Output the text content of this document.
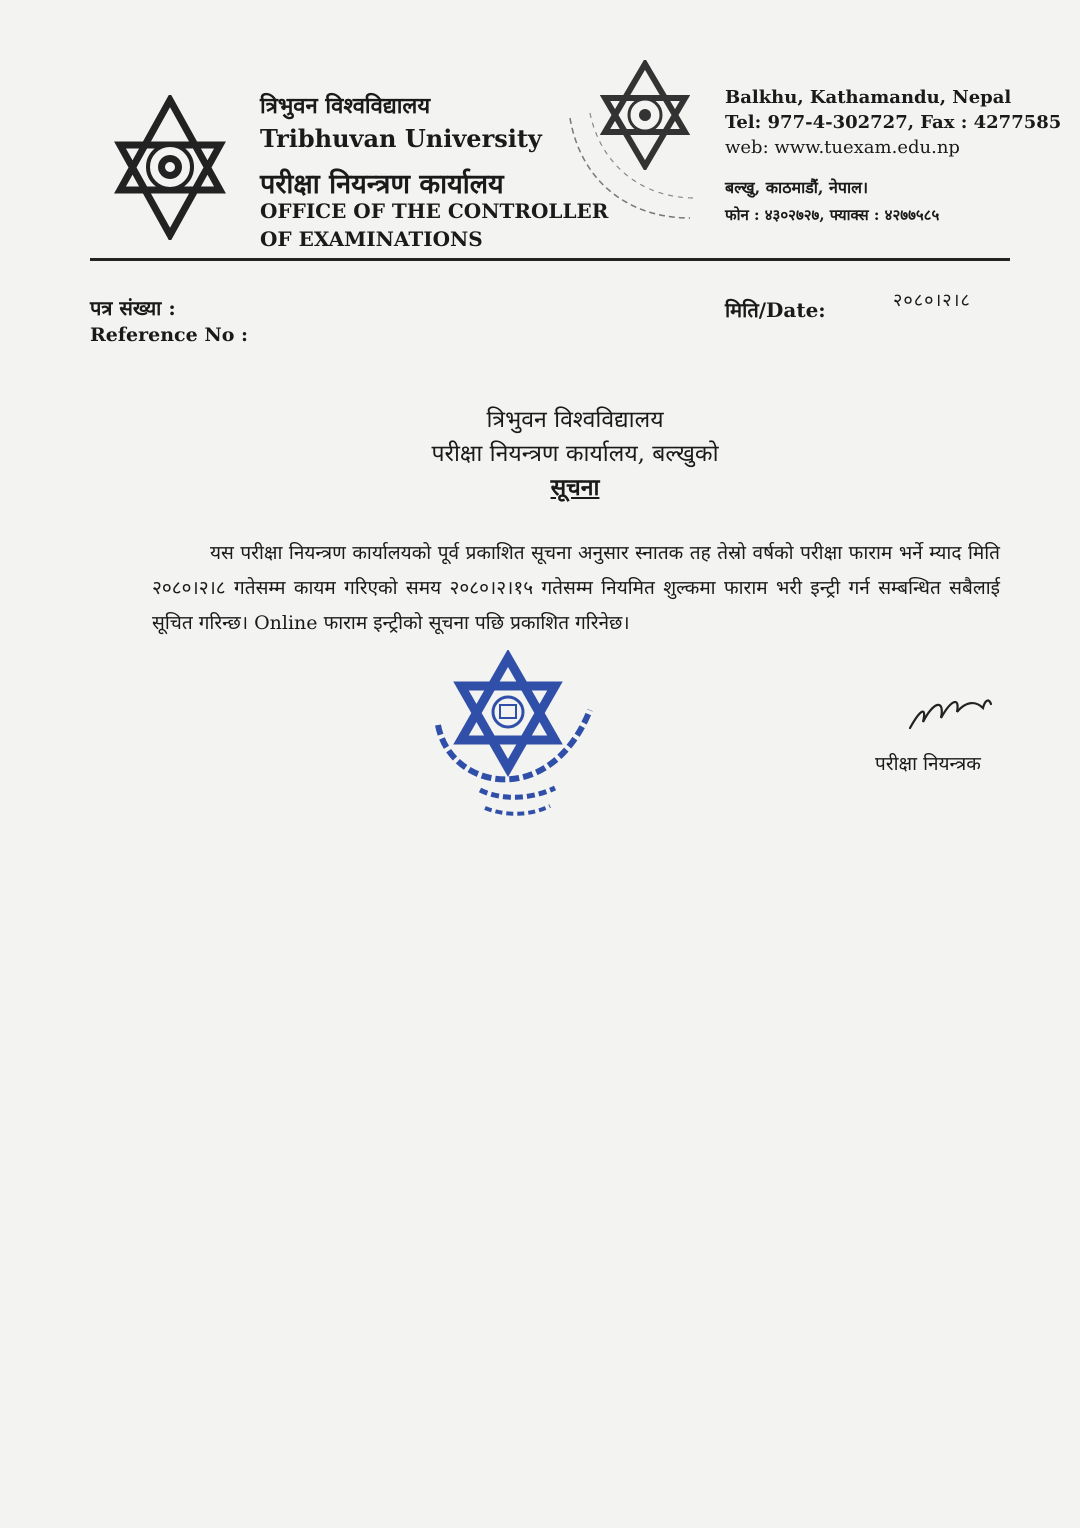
त्रिभुवन विश्वविद्यालय
Tribhuvan University
परीक्षा नियन्त्रण कार्यालय
OFFICE OF THE CONTROLLER
OF EXAMINATIONS
Balkhu, Kathamandu, Nepal
Tel: 977-4-302727, Fax : 4277585
web: www.tuexam.edu.np
बल्खु, काठमाडौं, नेपाल।
फोन : ४३०२७२७, फ्याक्स : ४२७७५८५
पत्र संख्या :
Reference No :
मिति/Date:	२०८०।२।८
त्रिभुवन विश्वविद्यालय
परीक्षा नियन्त्रण कार्यालय, बल्खुको
सूचना
यस परीक्षा नियन्त्रण कार्यालयको पूर्व प्रकाशित सूचना अनुसार स्नातक तह तेस्रो वर्षको परीक्षा फाराम भर्ने म्याद मिति २०८०।२।८ गतेसम्म कायम गरिएको समय २०८०।२।१५ गतेसम्म नियमित शुल्कमा फाराम भरी इन्ट्री गर्न सम्बन्धित सबैलाई सूचित गरिन्छ। Online फाराम इन्ट्रीको सूचना पछि प्रकाशित गरिनेछ।
परीक्षा नियन्त्रक
